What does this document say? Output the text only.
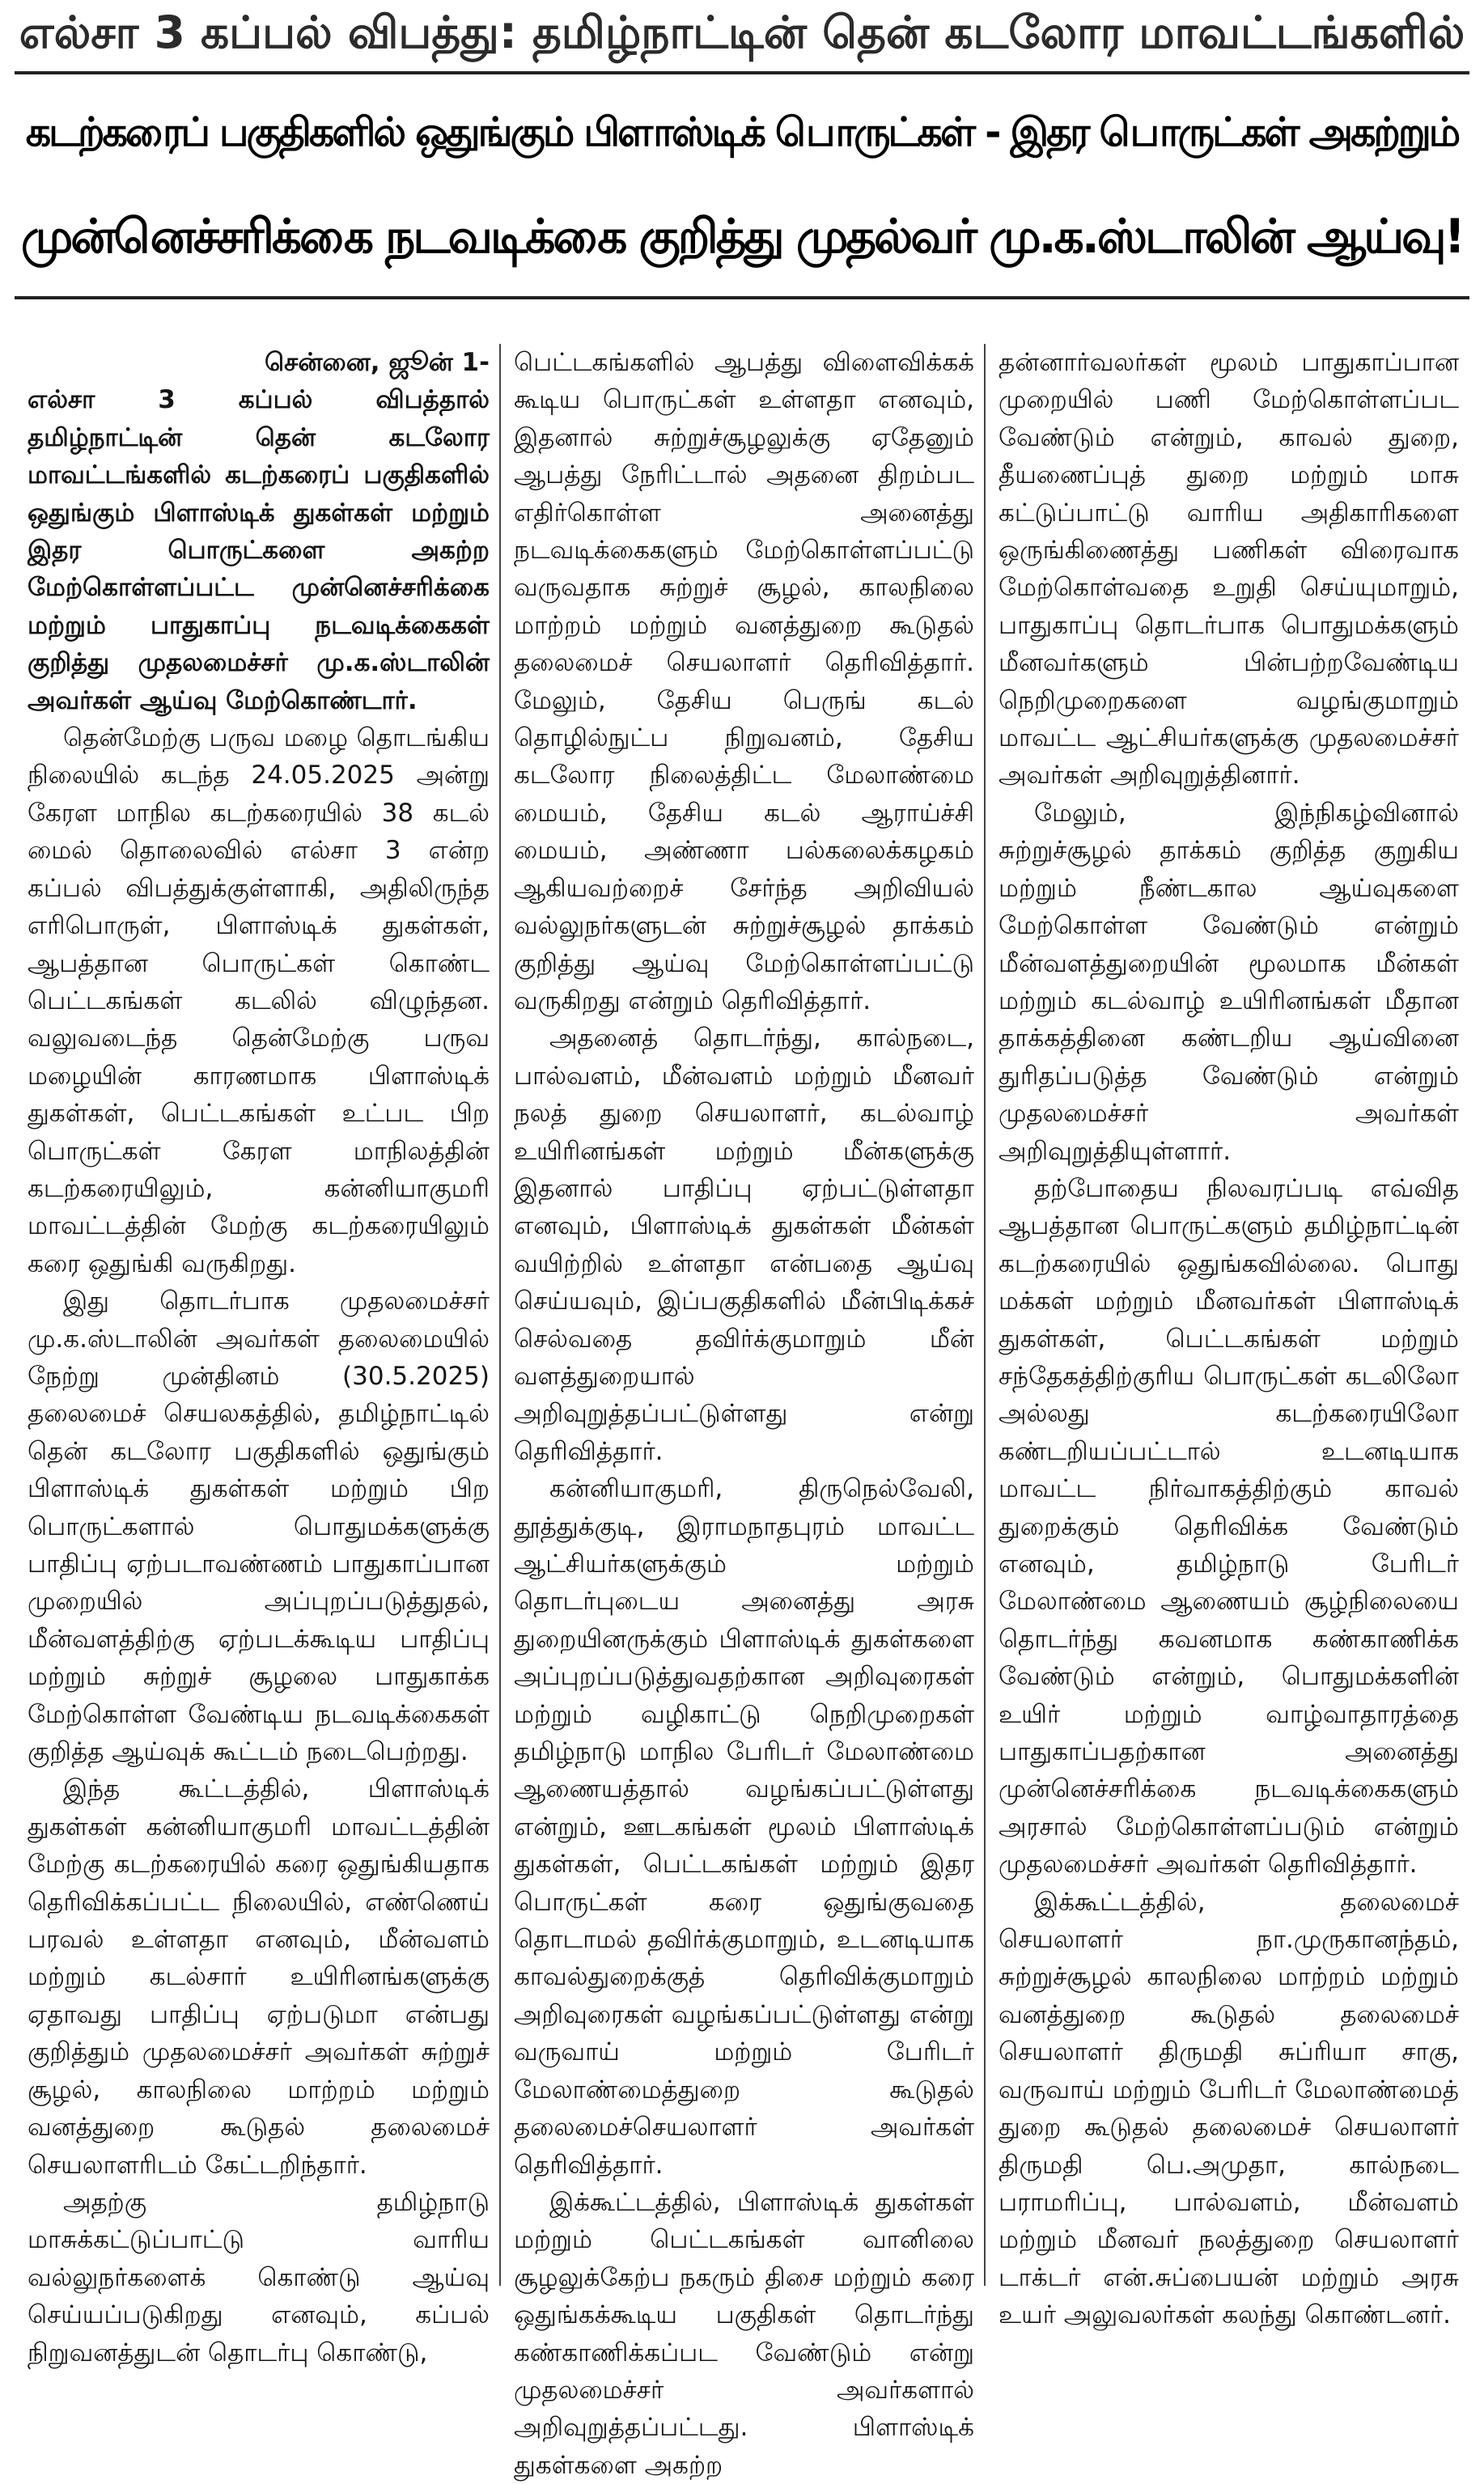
எல்சா 3 கப்பல் விபத்து: தமிழ்நாட்டின் தென் கடலோர மாவட்டங்களில்
கடற்கரைப் பகுதிகளில் ஒதுங்கும் பிளாஸ்டிக் பொருட்கள் - இதர பொருட்கள் அகற்றும்
முன்னெச்சரிக்கை நடவடிக்கை குறித்து முதல்வர் மு.க.ஸ்டாலின் ஆய்வு!

சென்னை, ஜூன் 1-

எல்சா 3 கப்பல் விபத்தால் தமிழ்நாட்டின் தென் கடலோர மாவட்டங்களில் கடற்கரைப் பகுதிகளில் ஒதுங்கும் பிளாஸ்டிக் துகள்கள் மற்றும் இதர பொருட்களை அகற்ற மேற்கொள்ளப்பட்ட முன்னெச்சரிக்கை மற்றும் பாதுகாப்பு நடவடிக்கைகள் குறித்து முதலமைச்சர் மு.க.ஸ்டாலின் அவர்கள் ஆய்வு மேற்கொண்டார்.

தென்மேற்கு பருவ மழை தொடங்கிய நிலையில் கடந்த 24.05.2025 அன்று கேரள மாநில கடற்கரையில் 38 கடல் மைல் தொலைவில் எல்சா 3 என்ற கப்பல் விபத்துக்குள்ளாகி, அதிலிருந்த எரிபொருள், பிளாஸ்டிக் துகள்கள், ஆபத்தான பொருட்கள் கொண்ட பெட்டகங்கள் கடலில் விழுந்தன. வலுவடைந்த தென்மேற்கு பருவ மழையின் காரணமாக பிளாஸ்டிக் துகள்கள், பெட்டகங்கள் உட்பட பிற பொருட்கள் கேரள மாநிலத்தின் கடற்கரையிலும், கன்னியாகுமரி மாவட்டத்தின் மேற்கு கடற்கரையிலும் கரை ஒதுங்கி வருகிறது.

இது தொடர்பாக முதலமைச்சர் மு.க.ஸ்டாலின் அவர்கள் தலைமையில் நேற்று முன்தினம் (30.5.2025) தலைமைச் செயலகத்தில், தமிழ்நாட்டில் தென் கடலோர பகுதிகளில் ஒதுங்கும் பிளாஸ்டிக் துகள்கள் மற்றும் பிற பொருட்களால் பொதுமக்களுக்கு பாதிப்பு ஏற்படாவண்ணம் பாதுகாப்பான முறையில் அப்புறப்படுத்துதல், மீன்வளத்திற்கு ஏற்படக்கூடிய பாதிப்பு மற்றும் சுற்றுச் சூழலை பாதுகாக்க மேற்கொள்ள வேண்டிய நடவடிக்கைகள் குறித்த ஆய்வுக் கூட்டம் நடைபெற்றது.

இந்த கூட்டத்தில், பிளாஸ்டிக் துகள்கள் கன்னியாகுமரி மாவட்டத்தின் மேற்கு கடற்கரையில் கரை ஒதுங்கியதாக தெரிவிக்கப்பட்ட நிலையில், எண்ணெய் பரவல் உள்ளதா எனவும், மீன்வளம் மற்றும் கடல்சார் உயிரினங்களுக்கு ஏதாவது பாதிப்பு ஏற்படுமா என்பது குறித்தும் முதலமைச்சர் அவர்கள் சுற்றுச் சூழல், காலநிலை மாற்றம் மற்றும் வனத்துறை கூடுதல் தலைமைச் செயலாளரிடம் கேட்டறிந்தார்.

அதற்கு தமிழ்நாடு மாசுக்கட்டுப்பாட்டு வாரிய வல்லுநர்களைக் கொண்டு ஆய்வு செய்யப்படுகிறது எனவும், கப்பல் நிறுவனத்துடன் தொடர்பு கொண்டு,

பெட்டகங்களில் ஆபத்து விளைவிக்கக் கூடிய பொருட்கள் உள்ளதா எனவும், இதனால் சுற்றுச்சூழலுக்கு ஏதேனும் ஆபத்து நேரிட்டால் அதனை திறம்பட எதிர்கொள்ள அனைத்து நடவடிக்கைகளும் மேற்கொள்ளப்பட்டு வருவதாக சுற்றுச் சூழல், காலநிலை மாற்றம் மற்றும் வனத்துறை கூடுதல் தலைமைச் செயலாளர் தெரிவித்தார். மேலும், தேசிய பெருங் கடல் தொழில்நுட்ப நிறுவனம், தேசிய கடலோர நிலைத்திட்ட மேலாண்மை மையம், தேசிய கடல் ஆராய்ச்சி மையம், அண்ணா பல்கலைக்கழகம் ஆகியவற்றைச் சேர்ந்த அறிவியல் வல்லுநர்களுடன் சுற்றுச்சூழல் தாக்கம் குறித்து ஆய்வு மேற்கொள்ளப்பட்டு வருகிறது என்றும் தெரிவித்தார்.

அதனைத் தொடர்ந்து, கால்நடை, பால்வளம், மீன்வளம் மற்றும் மீனவர் நலத் துறை செயலாளர், கடல்வாழ் உயிரினங்கள் மற்றும் மீன்களுக்கு இதனால் பாதிப்பு ஏற்பட்டுள்ளதா எனவும், பிளாஸ்டிக் துகள்கள் மீன்கள் வயிற்றில் உள்ளதா என்பதை ஆய்வு செய்யவும், இப்பகுதிகளில் மீன்பிடிக்கச் செல்வதை தவிர்க்குமாறும் மீன் வளத்துறையால் அறிவுறுத்தப்பட்டுள்ளது என்று தெரிவித்தார்.

கன்னியாகுமரி, திருநெல்வேலி, தூத்துக்குடி, இராமநாதபுரம் மாவட்ட ஆட்சியர்களுக்கும் மற்றும் தொடர்புடைய அனைத்து அரசு துறையினருக்கும் பிளாஸ்டிக் துகள்களை அப்புறப்படுத்துவதற்கான அறிவுரைகள் மற்றும் வழிகாட்டு நெறிமுறைகள் தமிழ்நாடு மாநில பேரிடர் மேலாண்மை ஆணையத்தால் வழங்கப்பட்டுள்ளது என்றும், ஊடகங்கள் மூலம் பிளாஸ்டிக் துகள்கள், பெட்டகங்கள் மற்றும் இதர பொருட்கள் கரை ஒதுங்குவதை தொடாமல் தவிர்க்குமாறும், உடனடியாக காவல்துறைக்குத் தெரிவிக்குமாறும் அறிவுரைகள் வழங்கப்பட்டுள்ளது என்று வருவாய் மற்றும் பேரிடர் மேலாண்மைத்துறை கூடுதல் தலைமைச்செயலாளர் அவர்கள் தெரிவித்தார்.

இக்கூட்டத்தில், பிளாஸ்டிக் துகள்கள் மற்றும் பெட்டகங்கள் வானிலை சூழலுக்கேற்ப நகரும் திசை மற்றும் கரை ஒதுங்கக்கூடிய பகுதிகள் தொடர்ந்து கண்காணிக்கப்பட வேண்டும் என்று முதலமைச்சர் அவர்களால் அறிவுறுத்தப்பட்டது. பிளாஸ்டிக் துகள்களை அகற்ற

தன்னார்வலர்கள் மூலம் பாதுகாப்பான முறையில் பணி மேற்கொள்ளப்பட வேண்டும் என்றும், காவல் துறை, தீயணைப்புத் துறை மற்றும் மாசு கட்டுப்பாட்டு வாரிய அதிகாரிகளை ஒருங்கிணைத்து பணிகள் விரைவாக மேற்கொள்வதை உறுதி செய்யுமாறும், பாதுகாப்பு தொடர்பாக பொதுமக்களும் மீனவர்களும் பின்பற்றவேண்டிய நெறிமுறைகளை வழங்குமாறும் மாவட்ட ஆட்சியர்களுக்கு முதலமைச்சர் அவர்கள் அறிவுறுத்தினார்.

மேலும், இந்நிகழ்வினால் சுற்றுச்சூழல் தாக்கம் குறித்த குறுகிய மற்றும் நீண்டகால ஆய்வுகளை மேற்கொள்ள வேண்டும் என்றும் மீன்வளத்துறையின் மூலமாக மீன்கள் மற்றும் கடல்வாழ் உயிரினங்கள் மீதான தாக்கத்தினை கண்டறிய ஆய்வினை துரிதப்படுத்த வேண்டும் என்றும் முதலமைச்சர் அவர்கள் அறிவுறுத்தியுள்ளார்.

தற்போதைய நிலவரப்படி எவ்வித ஆபத்தான பொருட்களும் தமிழ்நாட்டின் கடற்கரையில் ஒதுங்கவில்லை. பொது மக்கள் மற்றும் மீனவர்கள் பிளாஸ்டிக் துகள்கள், பெட்டகங்கள் மற்றும் சந்தேகத்திற்குரிய பொருட்கள் கடலிலோ அல்லது கடற்கரையிலோ கண்டறியப்பட்டால் உடனடியாக மாவட்ட நிர்வாகத்திற்கும் காவல் துறைக்கும் தெரிவிக்க வேண்டும் எனவும், தமிழ்நாடு பேரிடர் மேலாண்மை ஆணையம் சூழ்நிலையை தொடர்ந்து கவனமாக கண்காணிக்க வேண்டும் என்றும், பொதுமக்களின் உயிர் மற்றும் வாழ்வாதாரத்தை பாதுகாப்பதற்கான அனைத்து முன்னெச்சரிக்கை நடவடிக்கைகளும் அரசால் மேற்கொள்ளப்படும் என்றும் முதலமைச்சர் அவர்கள் தெரிவித்தார்.

இக்கூட்டத்தில், தலைமைச் செயலாளர் நா.முருகானந்தம், சுற்றுச்சூழல் காலநிலை மாற்றம் மற்றும் வனத்துறை கூடுதல் தலைமைச் செயலாளர் திருமதி சுப்ரியா சாகு, வருவாய் மற்றும் பேரிடர் மேலாண்மைத் துறை கூடுதல் தலைமைச் செயலாளர் திருமதி பெ.அமுதா, கால்நடை பராமரிப்பு, பால்வளம், மீன்வளம் மற்றும் மீனவர் நலத்துறை செயலாளர் டாக்டர் என்.சுப்பையன் மற்றும் அரசு உயர் அலுவலர்கள் கலந்து கொண்டனர்.
